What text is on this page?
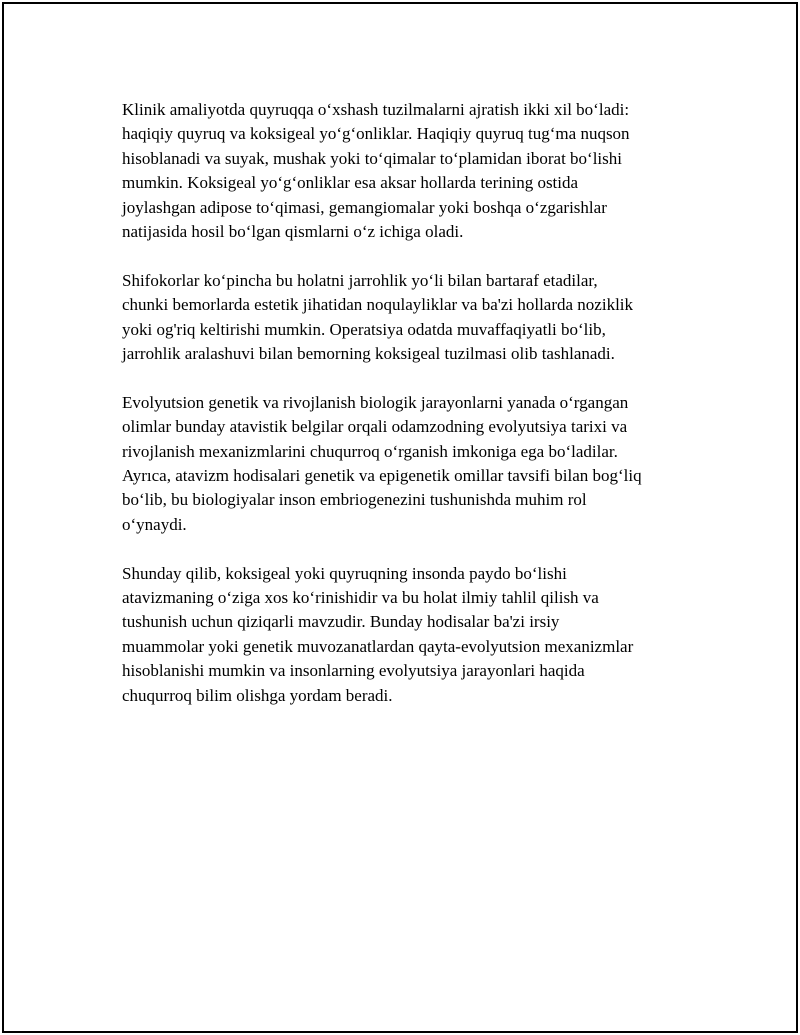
Klinik amaliyotda quyruqqa oʻxshash tuzilmalarni ajratish ikki xil boʻladi:
haqiqiy quyruq va koksigeal yoʻgʻonliklar. Haqiqiy quyruq tugʻma nuqson
hisoblanadi va suyak, mushak yoki toʻqimalar toʻplamidan iborat boʻlishi
mumkin. Koksigeal yoʻgʻonliklar esa aksar hollarda terining ostida
joylashgan adipose toʻqimasi, gemangiomalar yoki boshqa oʻzgarishlar
natijasida hosil boʻlgan qismlarni oʻz ichiga oladi.

Shifokorlar koʻpincha bu holatni jarrohlik yoʻli bilan bartaraf etadilar,
chunki bemorlarda estetik jihatidan noqulayliklar va ba'zi hollarda noziklik
yoki og'riq keltirishi mumkin. Operatsiya odatda muvaffaqiyatli boʻlib,
jarrohlik aralashuvi bilan bemorning koksigeal tuzilmasi olib tashlanadi.

Evolyutsion genetik va rivojlanish biologik jarayonlarni yanada oʻrgangan
olimlar bunday atavistik belgilar orqali odamzodning evolyutsiya tarixi va
rivojlanish mexanizmlarini chuqurroq oʻrganish imkoniga ega boʻladilar.
Ayrıca, atavizm hodisalari genetik va epigenetik omillar tavsifi bilan bogʻliq
boʻlib, bu biologiyalar inson embriogenezini tushunishda muhim rol
oʻynaydi.

Shunday qilib, koksigeal yoki quyruqning insonda paydo boʻlishi
atavizmaning oʻziga xos koʻrinishidir va bu holat ilmiy tahlil qilish va
tushunish uchun qiziqarli mavzudir. Bunday hodisalar ba'zi irsiy
muammolar yoki genetik muvozanatlardan qayta-evolyutsion mexanizmlar
hisoblanishi mumkin va insonlarning evolyutsiya jarayonlari haqida
chuqurroq bilim olishga yordam beradi.
